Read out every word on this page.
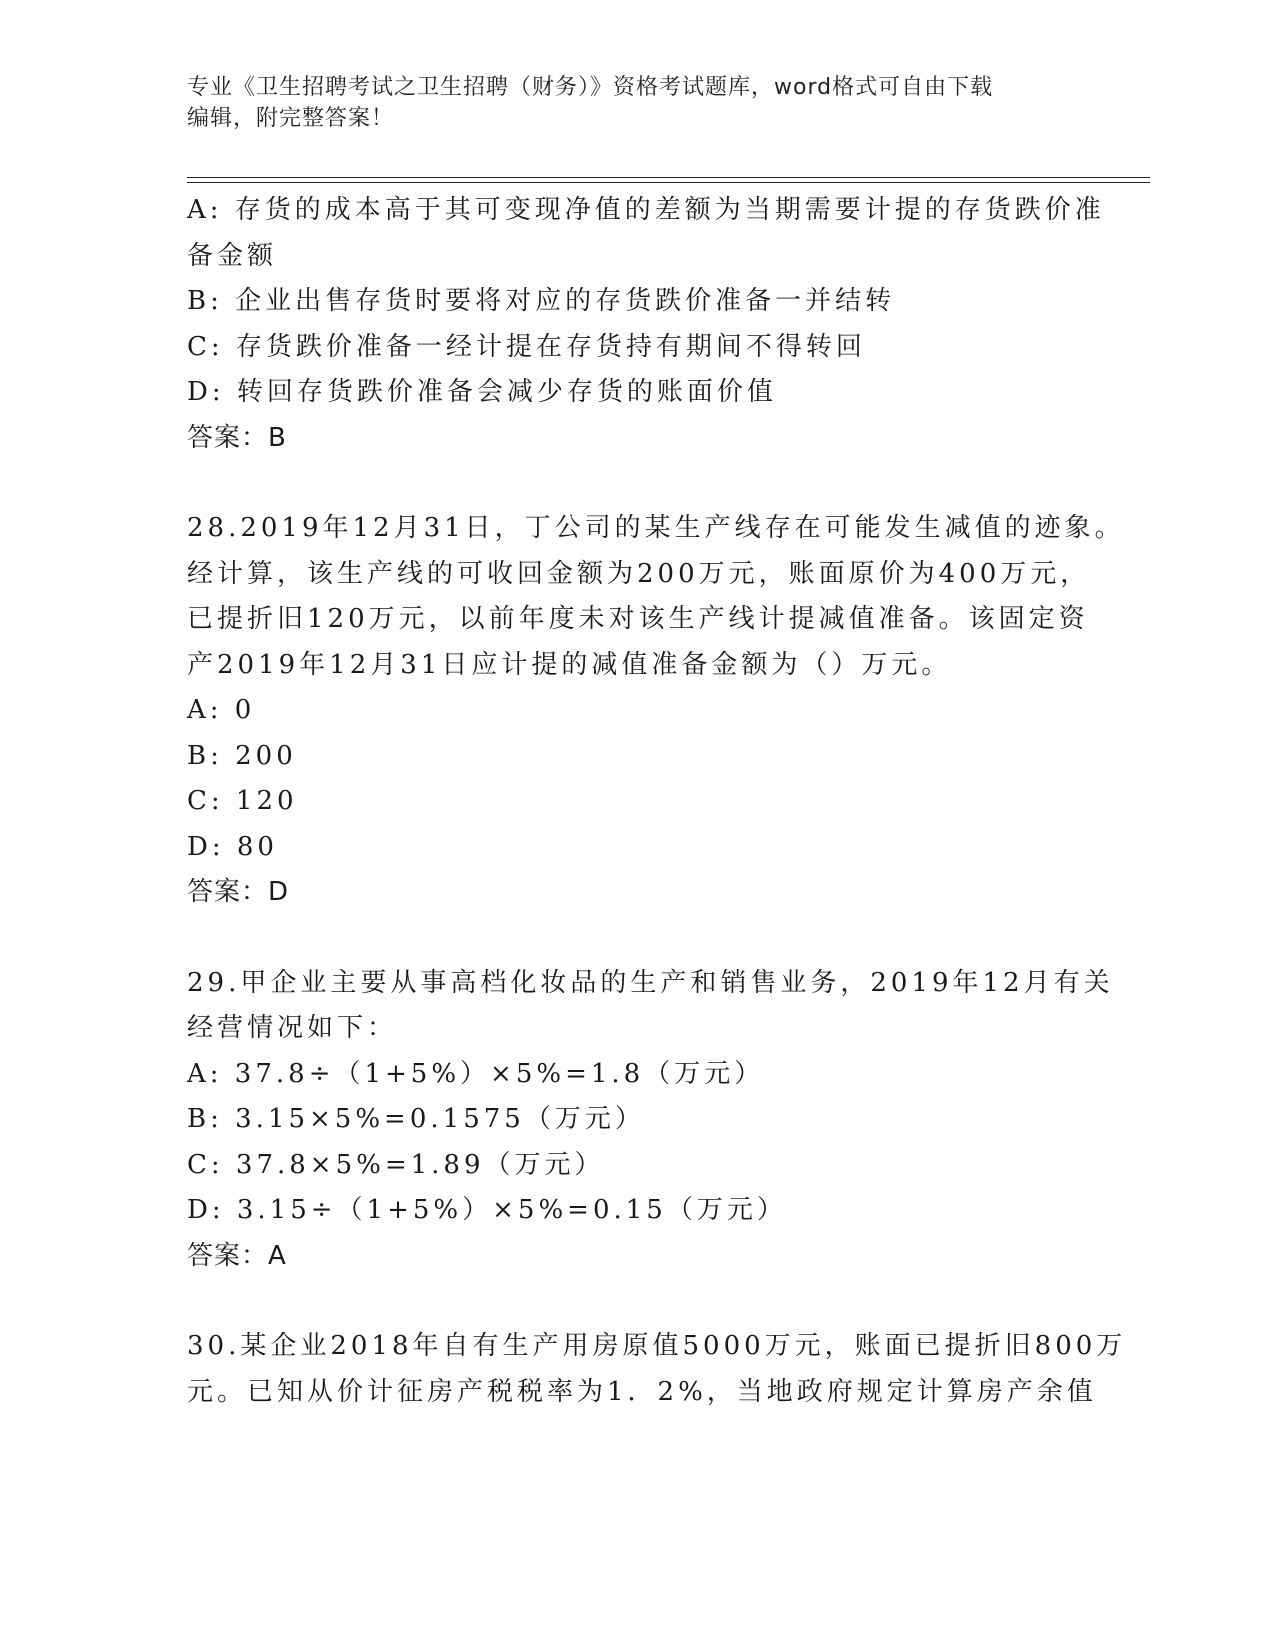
专业《卫生招聘考试之卫生招聘（财务）》资格考试题库，word格式可自由下载
编辑，附完整答案！
A: 存货的成本高于其可变现净值的差额为当期需要计提的存货跌价准
备金额
B: 企业出售存货时要将对应的存货跌价准备一并结转
C: 存货跌价准备一经计提在存货持有期间不得转回
D: 转回存货跌价准备会减少存货的账面价值
答案：B
28.2019年12月31日，丁公司的某生产线存在可能发生减值的迹象。
经计算，该生产线的可收回金额为200万元，账面原价为400万元，
已提折旧120万元，以前年度未对该生产线计提减值准备。该固定资
产2019年12月31日应计提的减值准备金额为（）万元。
A: 0
B: 200
C: 120
D: 80
答案：D
29.甲企业主要从事高档化妆品的生产和销售业务，2019年12月有关
经营情况如下：
A: 37.8÷（1+5%）×5%=1.8（万元）
B: 3.15×5%=0.1575（万元）
C: 37.8×5%=1.89（万元）
D: 3.15÷（1+5%）×5%=0.15（万元）
答案：A
30.某企业2018年自有生产用房原值5000万元，账面已提折旧800万
元。已知从价计征房产税税率为1．2%，当地政府规定计算房产余值
